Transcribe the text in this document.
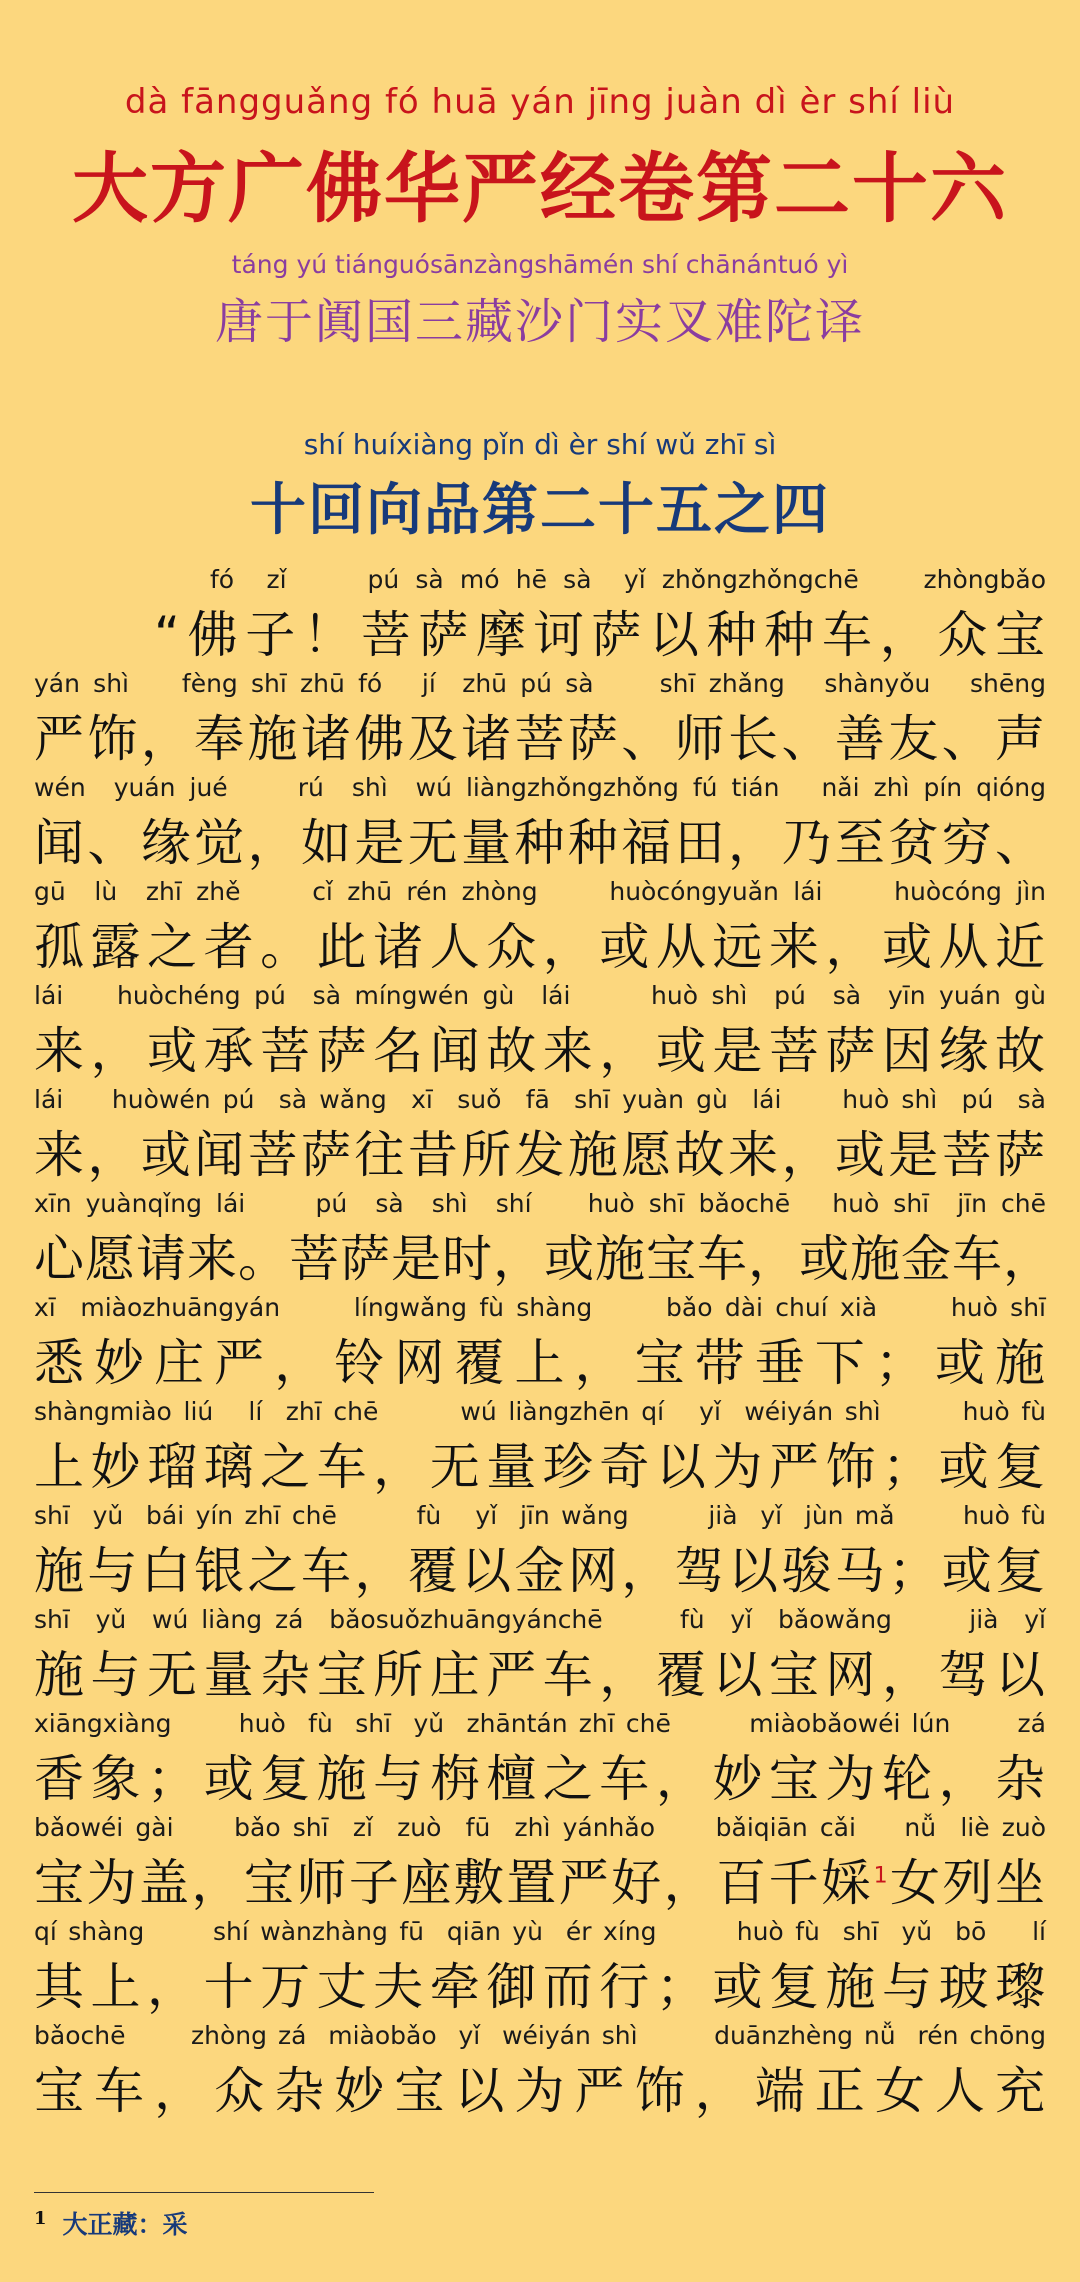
dà fāngguǎng fó huā yán jīng juàn dì èr shí liù
大方广佛华严经卷第二十六
táng yú tiánguósānzàngshāmén shí chānántuó yì
唐于阗国三藏沙门实叉难陀译
shí huíxiàng pǐn dì èr shí wǔ zhī sì
十回向品第二十五之四
fó  zǐ     pú sà mó hē sà  yǐ zhǒngzhǒngchē    zhòngbǎo
“佛子！菩萨摩诃萨以种种车，众宝
yán shì    fèng shī zhū fó   jí  zhū pú sà     shī zhǎng   shànyǒu   shēng
严饰，奉施诸佛及诸菩萨、师长、善友、声
wén  yuán jué     rú  shì  wú liàngzhǒngzhǒng fú tián   nǎi zhì pín qióng
闻、缘觉，如是无量种种福田，乃至贫穷、
gū  lù  zhī zhě     cǐ zhū rén zhòng     huòcóngyuǎn lái     huòcóng jìn
孤露之者。此诸人众，或从远来，或从近
lái    huòchéng pú  sà míngwén gù  lái      huò shì  pú  sà  yīn yuán gù
来，或承菩萨名闻故来，或是菩萨因缘故
lái    huòwén pú  sà wǎng  xī  suǒ  fā  shī yuàn gù  lái     huò shì  pú  sà
来，或闻菩萨往昔所发施愿故来，或是菩萨
xīn yuànqǐng lái     pú  sà  shì  shí    huò shī bǎochē   huò shī  jīn chē
心愿请来。菩萨是时，或施宝车，或施金车，
xī  miàozhuāngyán      língwǎng fù shàng      bǎo dài chuí xià      huò shī
悉妙庄严，铃网覆上，宝带垂下；或施
shàngmiào liú   lí  zhī chē       wú liàngzhēn qí   yǐ  wéiyán shì       huò fù
上妙瑠璃之车，无量珍奇以为严饰；或复
shī  yǔ  bái yín zhī chē       fù   yǐ  jīn wǎng       jià  yǐ  jùn mǎ      huò fù
施与白银之车，覆以金网，驾以骏马；或复
shī  yǔ  wú liàng zá  bǎosuǒzhuāngyánchē      fù  yǐ  bǎowǎng      jià  yǐ
施与无量杂宝所庄严车，覆以宝网，驾以
xiāngxiàng      huò  fù  shī  yǔ  zhāntán zhī chē       miàobǎowéi lún      zá
香象；或复施与栴檀之车，妙宝为轮，杂
bǎowéi gài     bǎo shī  zǐ  zuò  fū  zhì yánhǎo     bǎiqiān cǎi    nǚ  liè zuò
宝为盖，宝师子座敷置严好，百千婇$^1$女列坐
qí shàng      shí wànzhàng fū  qiān yù  ér xíng       huò fù  shī  yǔ  bō    lí
其上，十万丈夫牵御而行；或复施与玻瓈
bǎochē      zhòng zá  miàobǎo  yǐ  wéiyán shì       duānzhèng nǚ  rén chōng
宝车，众杂妙宝以为严饰，端正女人充
$^1$ 大正藏：采
